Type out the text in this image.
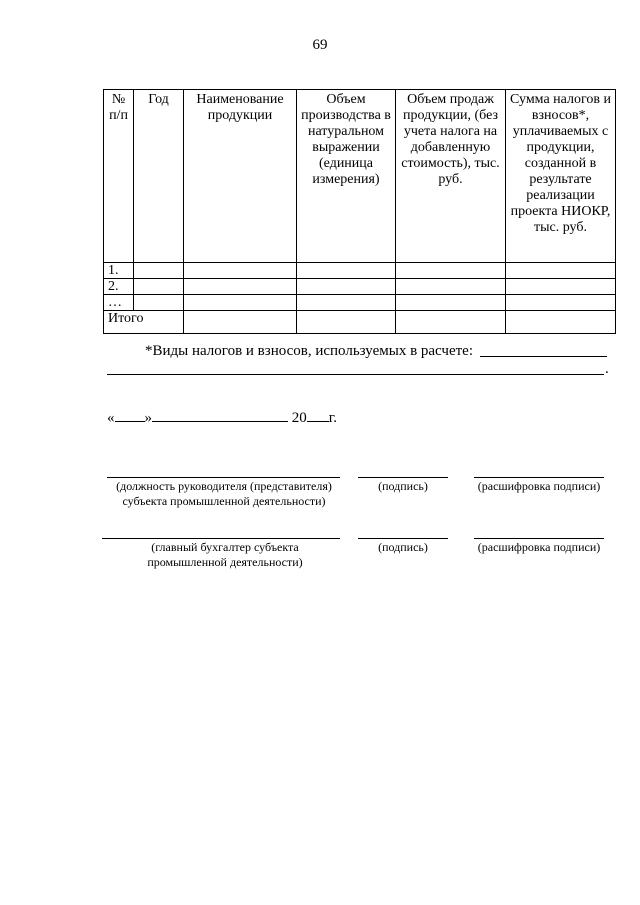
69
№ п/п	Год	Наименование продукции	Объем производства в натуральном выражении (единица измерения)	Объем продаж продукции, (без учета налога на добавленную стоимость), тыс. руб.	Сумма налогов и взносов*, уплачиваемых с продукции, созданной в результате реализации проекта НИОКР, тыс. руб.
1.					
2.					
…					
Итого					
*Виды налогов и взносов, используемых в расчете:
.
« »	20 г.
(должность руководителя (представителя) субъекта промышленной деятельности)
(подпись)	(расшифровка подписи)
(главный бухгалтер субъекта промышленной деятельности)
(подпись)	(расшифровка подписи)
